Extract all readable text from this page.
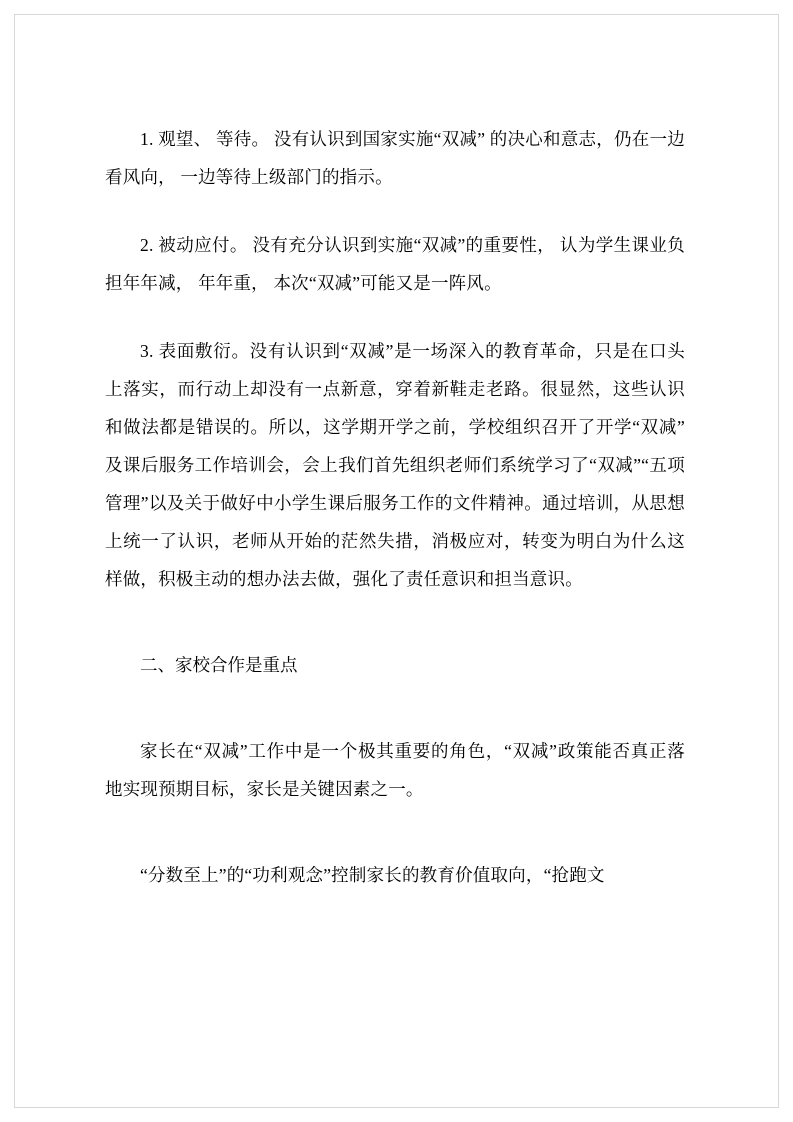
1. 观望、 等待。 没有认识到国家实施“双减” 的决心和意志，仍在一边看风向， 一边等待上级部门的指示。

2. 被动应付。 没有充分认识到实施“双减”的重要性， 认为学生课业负担年年减， 年年重， 本次“双减”可能又是一阵风。

3. 表面敷衍。没有认识到“双减”是一场深入的教育革命，只是在口头上落实，而行动上却没有一点新意，穿着新鞋走老路。很显然，这些认识和做法都是错误的。所以，这学期开学之前，学校组织召开了开学“双减”及课后服务工作培训会，会上我们首先组织老师们系统学习了“双减”“五项管理”以及关于做好中小学生课后服务工作的文件精神。通过培训，从思想上统一了认识，老师从开始的茫然失措，消极应对，转变为明白为什么这样做，积极主动的想办法去做，强化了责任意识和担当意识。

二、家校合作是重点

家长在“双减”工作中是一个极其重要的角色，“双减”政策能否真正落地实现预期目标，家长是关键因素之一。

“分数至上”的“功利观念”控制家长的教育价值取向，“抢跑文
